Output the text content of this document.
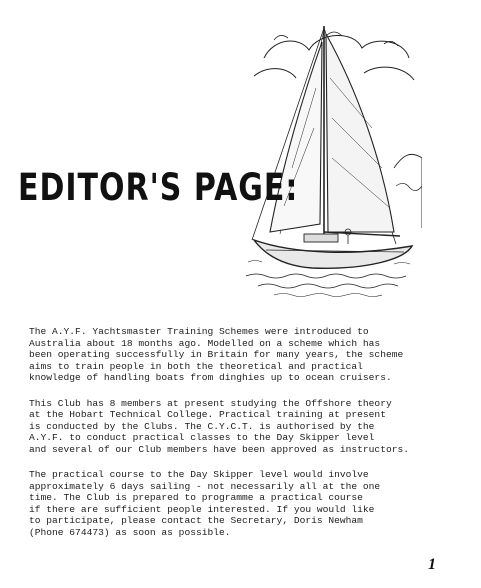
EDITOR'S PAGE:

The A.Y.F. Yachtsmaster Training Schemes were introduced to
Australia about 18 months ago. Modelled on a scheme which has
been operating successfully in Britain for many years, the scheme
aims to train people in both the theoretical and practical
knowledge of handling boats from dinghies up to ocean cruisers.

This Club has 8 members at present studying the Offshore theory
at the Hobart Technical College. Practical training at present
is conducted by the Clubs. The C.Y.C.T. is authorised by the
A.Y.F. to conduct practical classes to the Day Skipper level
and several of our Club members have been approved as instructors.

The practical course to the Day Skipper level would involve
approximately 6 days sailing - not necessarily all at the one
time. The Club is prepared to programme a practical course
if there are sufficient people interested. If you would like
to participate, please contact the Secretary, Doris Newham
(Phone 674473) as soon as possible.

1
